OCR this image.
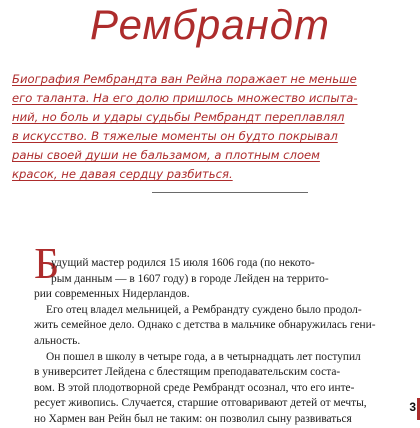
Рембрандт
Биография Рембрандта ван Рейна поражает не меньше
его таланта. На его долю пришлось множество испыта-
ний, но боль и удары судьбы Рембрандт переплавлял
в искусство. В тяжелые моменты он будто покрывал
раны своей души не бальзамом, а плотным слоем
красок, не давая сердцу разбиться.
Б

удущий мастер родился 15 июля 1606 года (по некото-
рым данным — в 1607 году) в городе Лейден на террито-
рии современных Нидерландов.

Его отец владел мельницей, а Рембрандту суждено было продол-
жить семейное дело. Однако с детства в мальчике обнаружилась гени-
альность.

Он пошел в школу в четыре года, а в четырнадцать лет поступил
в университет Лейдена с блестящим преподавательским соста-
вом. В этой плодотворной среде Рембрандт осознал, что его инте-
ресует живопись. Случается, старшие отговаривают детей от мечты,
но Хармен ван Рейн был не таким: он позволил сыну развиваться

3
